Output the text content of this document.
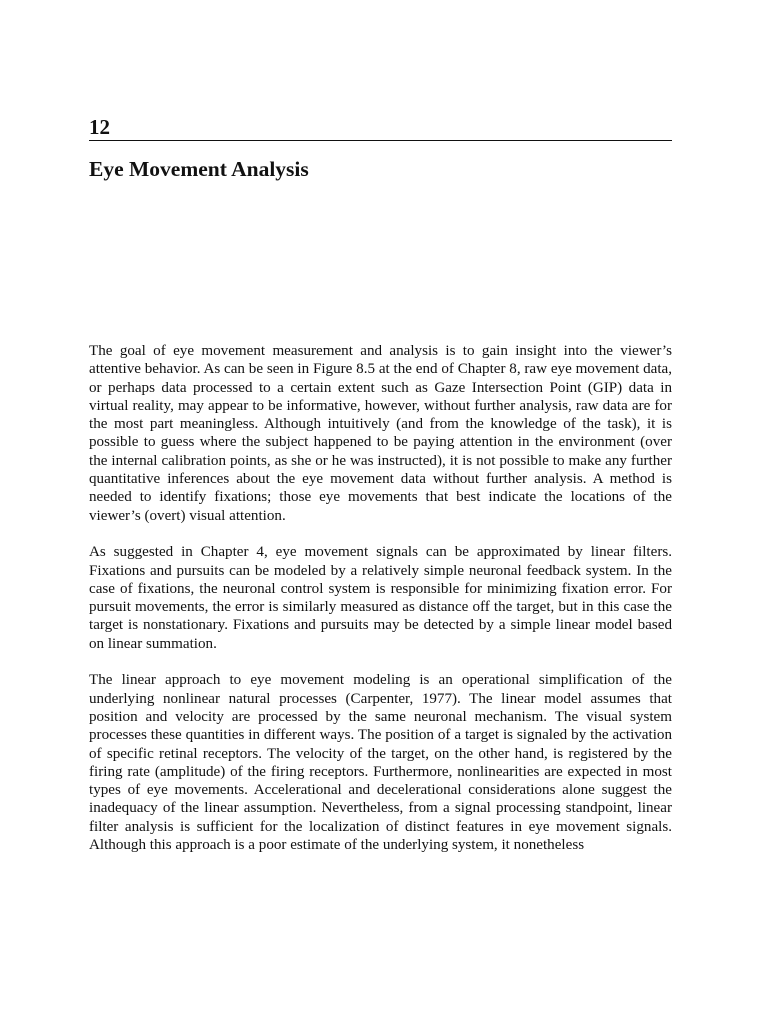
12
Eye Movement Analysis

The goal of eye movement measurement and analysis is to gain insight into the viewer’s attentive behavior. As can be seen in Figure 8.5 at the end of Chapter 8, raw eye movement data, or perhaps data processed to a certain extent such as Gaze Intersection Point (GIP) data in virtual reality, may appear to be informative, however, without further analysis, raw data are for the most part meaningless. Although intuitively (and from the knowledge of the task), it is possible to guess where the subject happened to be paying attention in the environment (over the internal calibration points, as she or he was instructed), it is not possible to make any further quantitative inferences about the eye movement data without further analysis. A method is needed to identify fixations; those eye movements that best indicate the locations of the viewer’s (overt) visual attention.

As suggested in Chapter 4, eye movement signals can be approximated by linear filters. Fixations and pursuits can be modeled by a relatively simple neuronal feedback system. In the case of fixations, the neuronal control system is responsible for minimizing fixation error. For pursuit movements, the error is similarly measured as distance off the target, but in this case the target is nonstationary. Fixations and pursuits may be detected by a simple linear model based on linear summation.

The linear approach to eye movement modeling is an operational simplification of the underlying nonlinear natural processes (Carpenter, 1977). The linear model assumes that position and velocity are processed by the same neuronal mechanism. The visual system processes these quantities in different ways. The position of a target is signaled by the activation of specific retinal receptors. The velocity of the target, on the other hand, is registered by the firing rate (amplitude) of the firing receptors. Furthermore, nonlinearities are expected in most types of eye movements. Accelerational and decelerational considerations alone suggest the inadequacy of the linear assumption. Nevertheless, from a signal processing standpoint, linear filter analysis is sufficient for the localization of distinct features in eye movement signals. Although this approach is a poor estimate of the underlying system, it nonetheless
